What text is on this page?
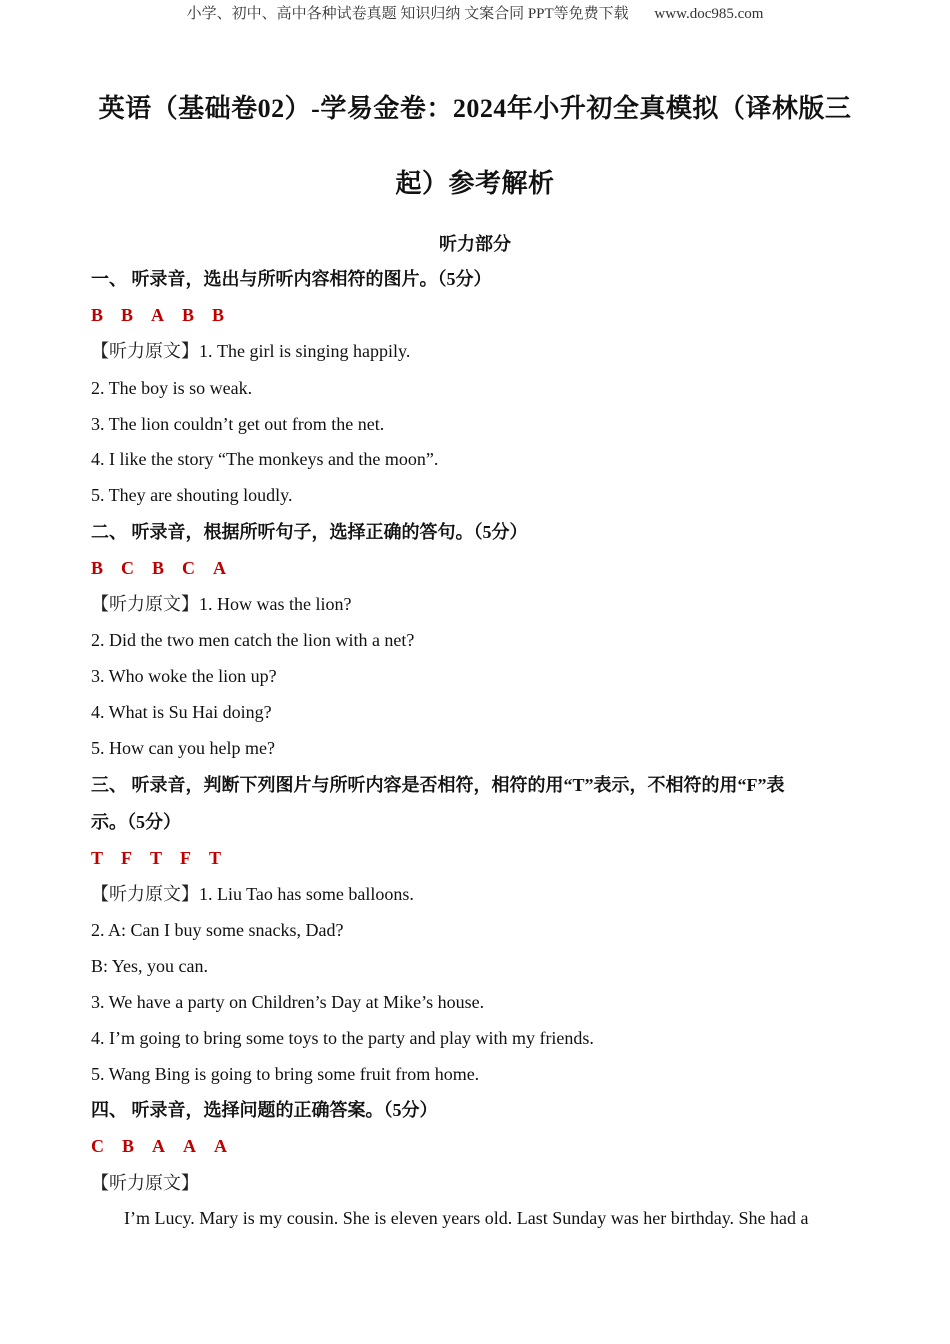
小学、初中、高中各种试卷真题 知识归纳 文案合同 PPT等免费下载 www.doc985.com
英语（基础卷02）-学易金卷：2024年小升初全真模拟（译林版三
起）参考解析
听力部分
一、 听录音，选出与所听内容相符的图片。（5分）
B B A B B
【听力原文】1. The girl is singing happily.
2. The boy is so weak.
3. The lion couldn’t get out from the net.
4. I like the story “The monkeys and the moon”.
5. They are shouting loudly.
二、 听录音，根据所听句子，选择正确的答句。（5分）
B C B C A
【听力原文】1. How was the lion?
2. Did the two men catch the lion with a net?
3. Who woke the lion up?
4. What is Su Hai doing?
5. How can you help me?
三、 听录音，判断下列图片与所听内容是否相符，相符的用“T”表示，不相符的用“F”表
示。（5分）
T F T F T
【听力原文】1. Liu Tao has some balloons.
2. A: Can I buy some snacks, Dad?
B: Yes, you can.
3. We have a party on Children’s Day at Mike’s house.
4. I’m going to bring some toys to the party and play with my friends.
5. Wang Bing is going to bring some fruit from home.
四、 听录音，选择问题的正确答案。（5分）
C B A A A
【听力原文】
I’m Lucy. Mary is my cousin. She is eleven years old. Last Sunday was her birthday. She had a
